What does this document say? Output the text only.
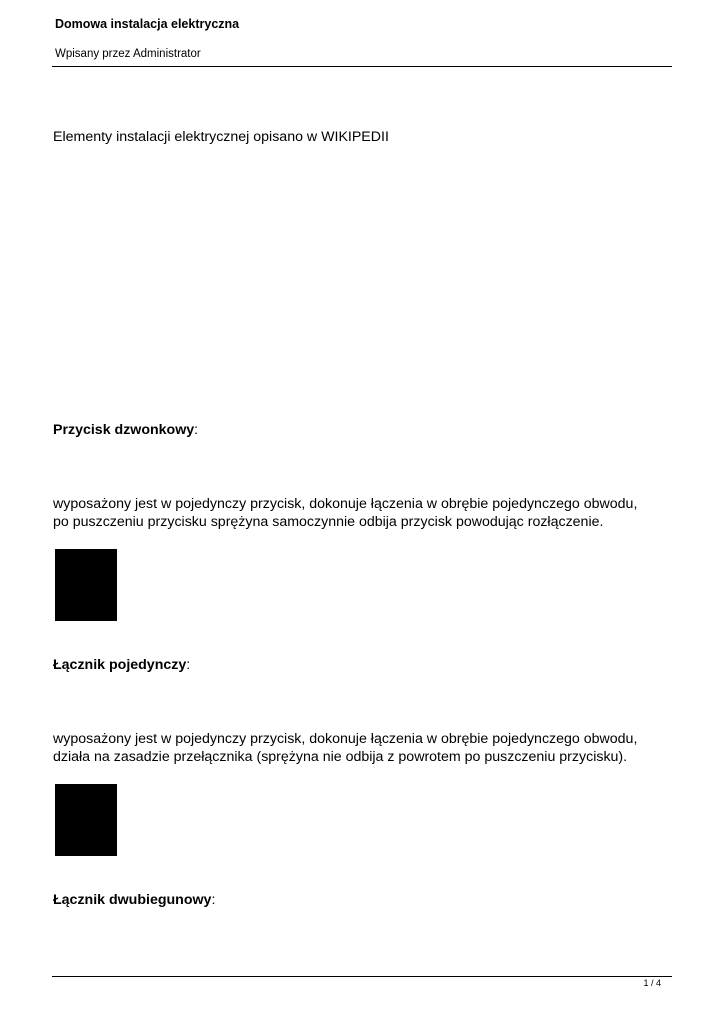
Domowa instalacja elektryczna
Wpisany przez Administrator
Elementy instalacji elektrycznej opisano w WIKIPEDII
Przycisk dzwonkowy:
wyposażony jest w pojedynczy przycisk, dokonuje łączenia w obrębie pojedynczego obwodu,
po puszczeniu przycisku sprężyna samoczynnie odbija przycisk powodując rozłączenie.
Łącznik pojedynczy:
wyposażony jest w pojedynczy przycisk, dokonuje łączenia w obrębie pojedynczego obwodu,
działa na zasadzie przełącznika (sprężyna nie odbija z powrotem po puszczeniu przycisku).
Łącznik dwubiegunowy:
1 / 4
